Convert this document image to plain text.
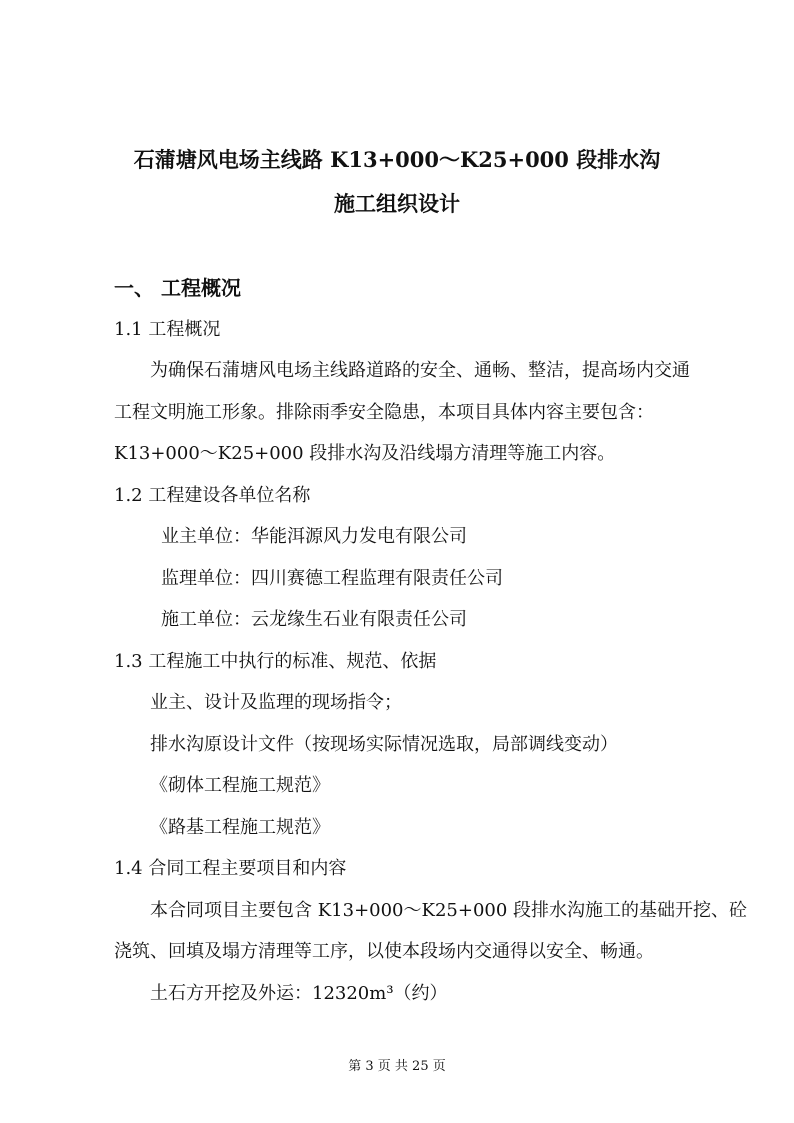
石蒲塘风电场主线路 K13+000～K25+000 段排水沟
施工组织设计
一、 工程概况
1.1 工程概况
为确保石蒲塘风电场主线路道路的安全、通畅、整洁，提高场内交通
工程文明施工形象。排除雨季安全隐患，本项目具体内容主要包含：
K13+000～K25+000 段排水沟及沿线塌方清理等施工内容。
1.2 工程建设各单位名称
业主单位：华能洱源风力发电有限公司
监理单位：四川赛德工程监理有限责任公司
施工单位：云龙缘生石业有限责任公司
1.3 工程施工中执行的标准、规范、依据
业主、设计及监理的现场指令；
排水沟原设计文件（按现场实际情况选取，局部调线变动）
《砌体工程施工规范》
《路基工程施工规范》
1.4 合同工程主要项目和内容
本合同项目主要包含 K13+000～K25+000 段排水沟施工的基础开挖、砼
浇筑、回填及塌方清理等工序，以使本段场内交通得以安全、畅通。
土石方开挖及外运：12320m³（约）
第 3 页 共 25 页
